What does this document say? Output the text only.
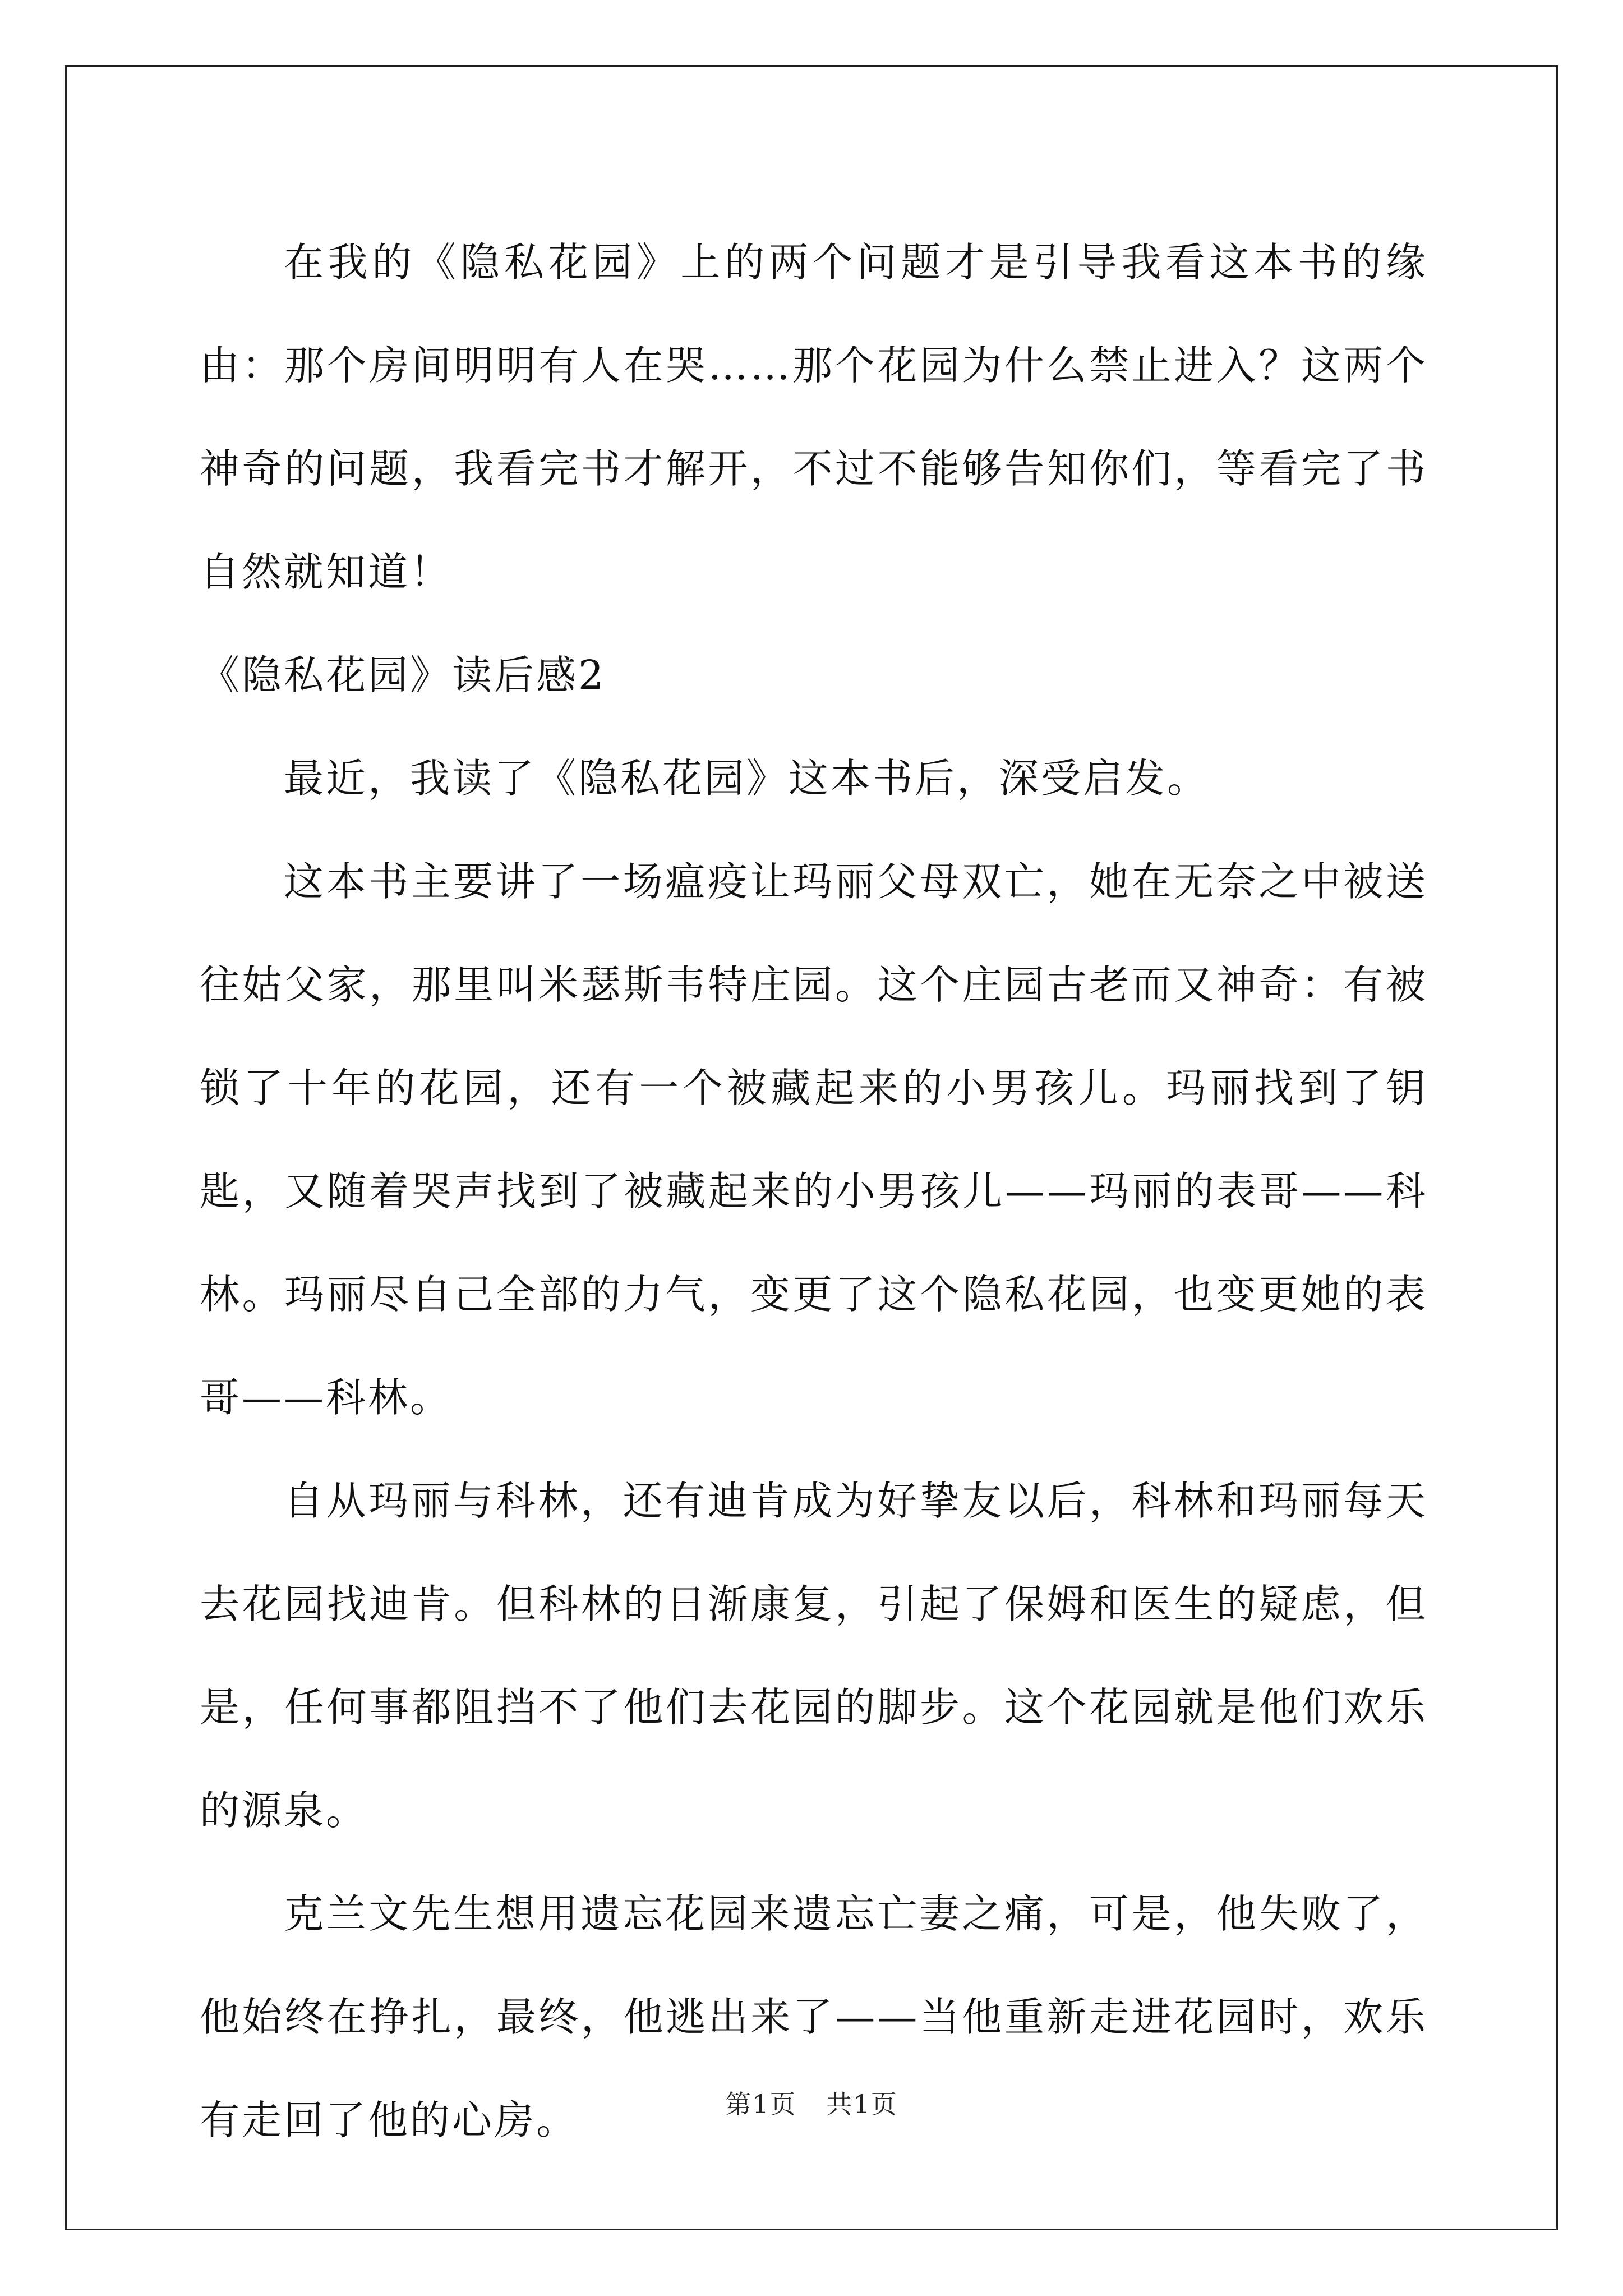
在我的《隐私花园》上的两个问题才是引导我看这本书的缘由：那个房间明明有人在哭……那个花园为什么禁止进入？这两个神奇的问题，我看完书才解开，不过不能够告知你们，等看完了书自然就知道！

《隐私花园》读后感2

最近，我读了《隐私花园》这本书后，深受启发。

这本书主要讲了一场瘟疫让玛丽父母双亡，她在无奈之中被送往姑父家，那里叫米瑟斯韦特庄园。这个庄园古老而又神奇：有被锁了十年的花园，还有一个被藏起来的小男孩儿。玛丽找到了钥匙，又随着哭声找到了被藏起来的小男孩儿——玛丽的表哥——科林。玛丽尽自己全部的力气，变更了这个隐私花园，也变更她的表哥——科林。

自从玛丽与科林，还有迪肯成为好挚友以后，科林和玛丽每天去花园找迪肯。但科林的日渐康复，引起了保姆和医生的疑虑，但是，任何事都阻挡不了他们去花园的脚步。这个花园就是他们欢乐的源泉。

克兰文先生想用遗忘花园来遗忘亡妻之痛，可是，他失败了，他始终在挣扎，最终，他逃出来了——当他重新走进花园时，欢乐有走回了他的心房。	第1页 共1页
